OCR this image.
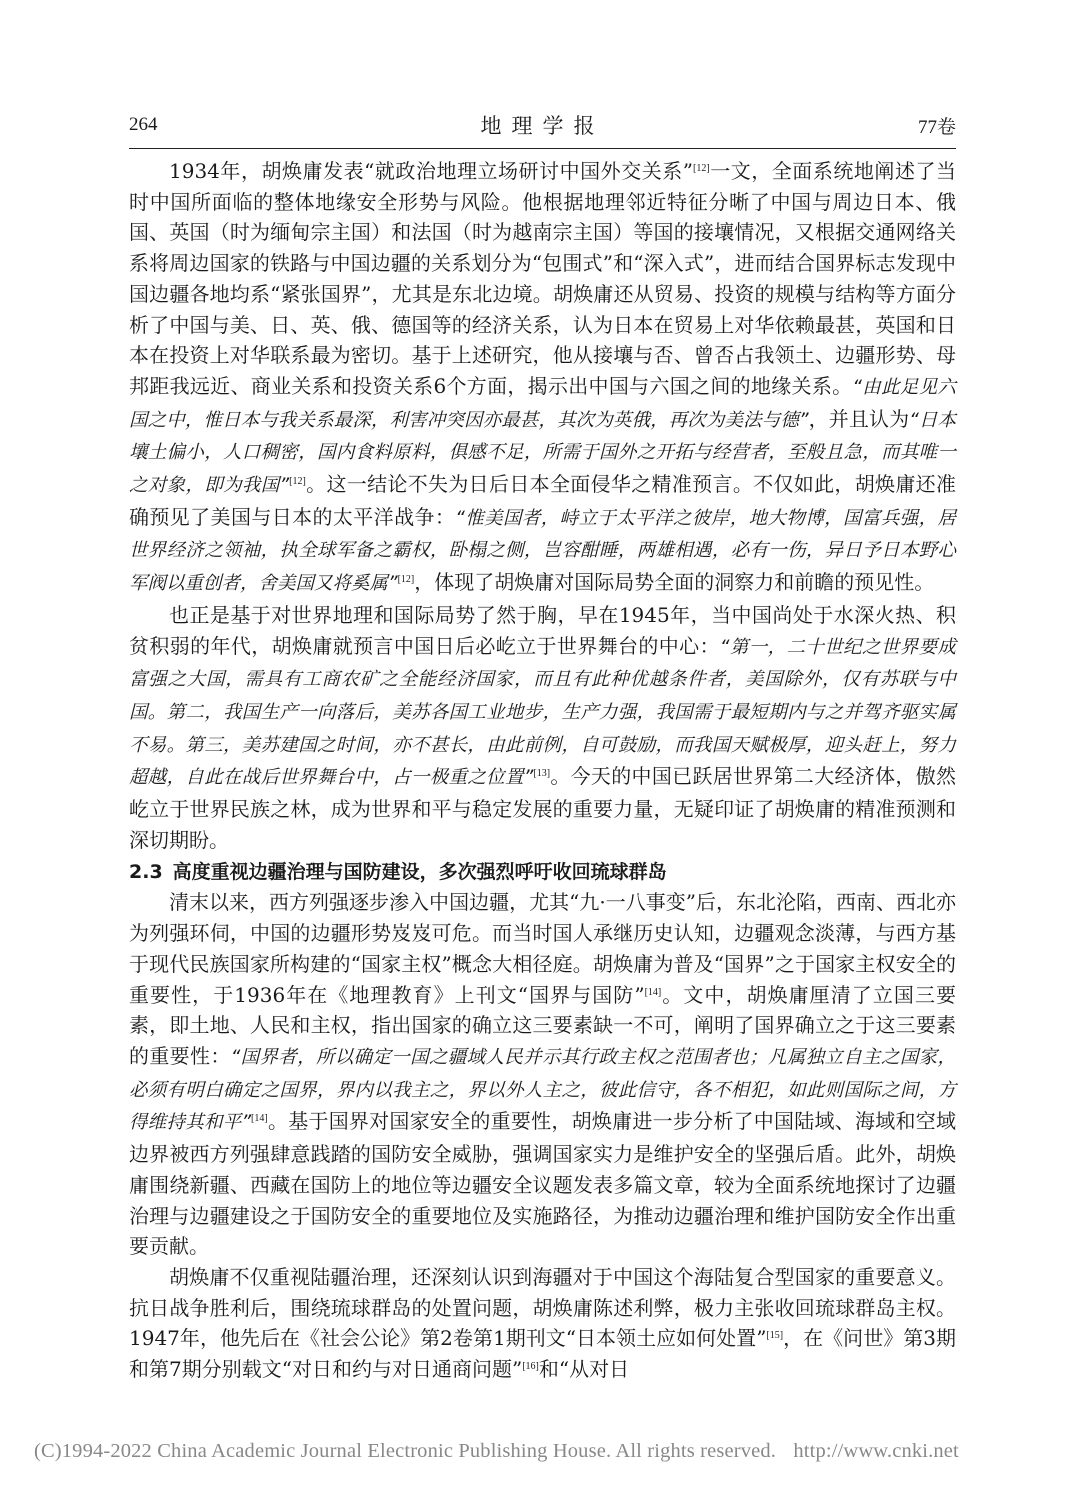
264	地理学报	77卷

1934年，胡焕庸发表“就政治地理立场研讨中国外交关系”[12]一文，全面系统地阐述了当时中国所面临的整体地缘安全形势与风险。他根据地理邻近特征分晰了中国与周边日本、俄国、英国（时为缅甸宗主国）和法国（时为越南宗主国）等国的接壤情况，又根据交通网络关系将周边国家的铁路与中国边疆的关系划分为“包围式”和“深入式”，进而结合国界标志发现中国边疆各地均系“紧张国界”，尤其是东北边境。胡焕庸还从贸易、投资的规模与结构等方面分析了中国与美、日、英、俄、德国等的经济关系，认为日本在贸易上对华依赖最甚，英国和日本在投资上对华联系最为密切。基于上述研究，他从接壤与否、曾否占我领土、边疆形势、母邦距我远近、商业关系和投资关系6个方面，揭示出中国与六国之间的地缘关系。“由此足见六国之中，惟日本与我关系最深，利害冲突因亦最甚，其次为英俄，再次为美法与德”，并且认为“日本壤土偏小，人口稠密，国内食料原料，俱感不足，所需于国外之开拓与经营者，至般且急，而其唯一之对象，即为我国”[12]。这一结论不失为日后日本全面侵华之精准预言。不仅如此，胡焕庸还准确预见了美国与日本的太平洋战争：“惟美国者，峙立于太平洋之彼岸，地大物博，国富兵强，居世界经济之领袖，执全球军备之霸权，卧榻之侧，岂容酣睡，两雄相遇，必有一伤，异日予日本野心军阀以重创者，舍美国又将奚属”[12]，体现了胡焕庸对国际局势全面的洞察力和前瞻的预见性。

也正是基于对世界地理和国际局势了然于胸，早在1945年，当中国尚处于水深火热、积贫积弱的年代，胡焕庸就预言中国日后必屹立于世界舞台的中心：“第一，二十世纪之世界要成富强之大国，需具有工商农矿之全能经济国家，而且有此种优越条件者，美国除外，仅有苏联与中国。第二，我国生产一向落后，美苏各国工业地步，生产力强，我国需于最短期内与之并驾齐驱实属不易。第三，美苏建国之时间，亦不甚长，由此前例，自可鼓励，而我国天赋极厚，迎头赶上，努力超越，自此在战后世界舞台中，占一极重之位置”[13]。今天的中国已跃居世界第二大经济体，傲然屹立于世界民族之林，成为世界和平与稳定发展的重要力量，无疑印证了胡焕庸的精准预测和深切期盼。

2.3 高度重视边疆治理与国防建设，多次强烈呼吁收回琉球群岛

清末以来，西方列强逐步渗入中国边疆，尤其“九·一八事变”后，东北沦陷，西南、西北亦为列强环伺，中国的边疆形势岌岌可危。而当时国人承继历史认知，边疆观念淡薄，与西方基于现代民族国家所构建的“国家主权”概念大相径庭。胡焕庸为普及“国界”之于国家主权安全的重要性，于1936年在《地理教育》上刊文“国界与国防”[14]。文中，胡焕庸厘清了立国三要素，即土地、人民和主权，指出国家的确立这三要素缺一不可，阐明了国界确立之于这三要素的重要性：“国界者，所以确定一国之疆域人民并示其行政主权之范围者也；凡属独立自主之国家，必须有明白确定之国界，界内以我主之，界以外人主之，彼此信守，各不相犯，如此则国际之间，方得维持其和平”[14]。基于国界对国家安全的重要性，胡焕庸进一步分析了中国陆域、海域和空域边界被西方列强肆意践踏的国防安全威胁，强调国家实力是维护安全的坚强后盾。此外，胡焕庸围绕新疆、西藏在国防上的地位等边疆安全议题发表多篇文章，较为全面系统地探讨了边疆治理与边疆建设之于国防安全的重要地位及实施路径，为推动边疆治理和维护国防安全作出重要贡献。

胡焕庸不仅重视陆疆治理，还深刻认识到海疆对于中国这个海陆复合型国家的重要意义。抗日战争胜利后，围绕琉球群岛的处置问题，胡焕庸陈述利弊，极力主张收回琉球群岛主权。1947年，他先后在《社会公论》第2卷第1期刊文“日本领土应如何处置”[15]，在《问世》第3期和第7期分别载文“对日和约与对日通商问题”[16]和“从对日

(C)1994-2022 China Academic Journal Electronic Publishing House. All rights reserved. http://www.cnki.net
